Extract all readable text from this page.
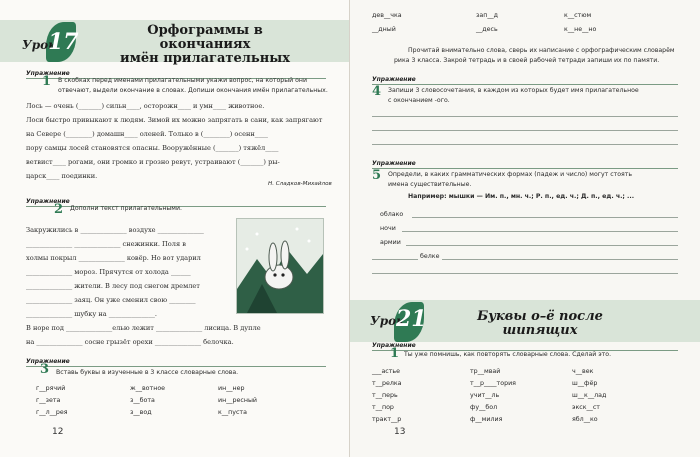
Урок
17	Орфограммы в окончаниях
имён прилагательных
Упражнение
1 В скобках перед именами прилагательными укажи вопрос, на который они
отвечают, выдели окончание в словах. Допиши окончания имён прилагательных.
Лось — очень (_______) сильн____, осторожн____ и умн____ животное.
Лоси быстро привыкают к людям. Зимой их можно запрягать в сани, как запрягают
на Севере (________) домашн____ оленей. Только в (________) осенн____
пору самцы лосей становятся опасны. Вооружённые (_______) тяжёл____
ветвист____ рогами, они громко и грозно ревут, устраивают (_______) ры-
царск____ поединки.
Н. Сладков-Михайлов
Упражнение
2 Дополни текст прилагательными.
Закружились в ______________ воздухе ______________
______________ ______________ снежинки. Поля в
холмы покрыл ______________ ковёр. Но вот ударил
______________ мороз. Прячутся от холода ______
______________ жители. В лесу под снегом дремлет
______________ заяц. Он уже сменил свою ________
______________ шубку на ______________.
В норе под ______________елью лежит ______________ лисица. В дупле
на ______________ сосне грызёт орехи ______________ белочка.
Упражнение
3 Вставь буквы в изученные в 3 классе словарные слова.
г__рячий	ж__вотное	ин__нер
г__зета	з__бота	ин__ресный
г__л__рея	з__вод	к__пуста
12
дев__чка	зап__д	к__стюм
__дный	__десь	к__не__но
Прочитай внимательно слова, сверь их написание с орфографическим словарём
рика 3 класса. Закрой тетрадь и в своей рабочей тетради запиши их по памяти.
Упражнение
4 Запиши 3 словосочетания, в каждом из которых будет имя прилагательное
с окончанием -ого.
Упражнение
5 Определи, в каких грамматических формах (падеж и число) могут стоять
имена существительные.
Например: мышки — Им. п., мн. ч.; Р. п., ед. ч.; Д. п., ед. ч.; ...
облако
ночи
армии
белке
Урок
21	Буквы о–ё после шипящих
Упражнение
1 Ты уже помнишь, как повторять словарные слова. Сделай это.
___астье	тр__мвай	ч__век
т__релка	т__р____тория	ш__фёр
т__перь	учит__ль	ш__к__лад
т__пор	фу__бол	экск__ст
тракт__р	ф__милия	ябл__ко
13
